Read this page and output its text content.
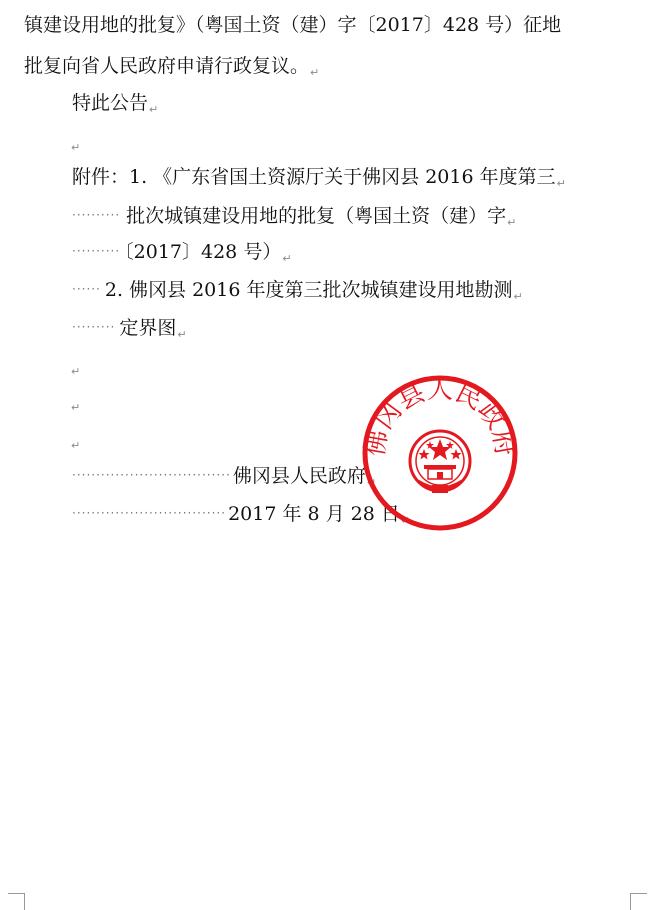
镇建设用地的批复》（粤国土资（建）字〔2017〕428 号）征地
批复向省人民政府申请行政复议。$_↵$
特此公告$_↵$
$_↵$
附件：1. 《广东省国土资源厅关于佛冈县 2016 年度第三$_↵$
·········· 批次城镇建设用地的批复（粤国土资（建）字$_↵$
·········· 〔2017〕428 号）$_↵$
······ 2. 佛冈县 2016 年度第三批次城镇建设用地勘测$_↵$
········· 定界图$_↵$
$_↵$
$_↵$
$_↵$
································· 佛冈县人民政府$_↵$
································ 2017 年 8 月 28 日$_↵$
佛冈县人民政府
